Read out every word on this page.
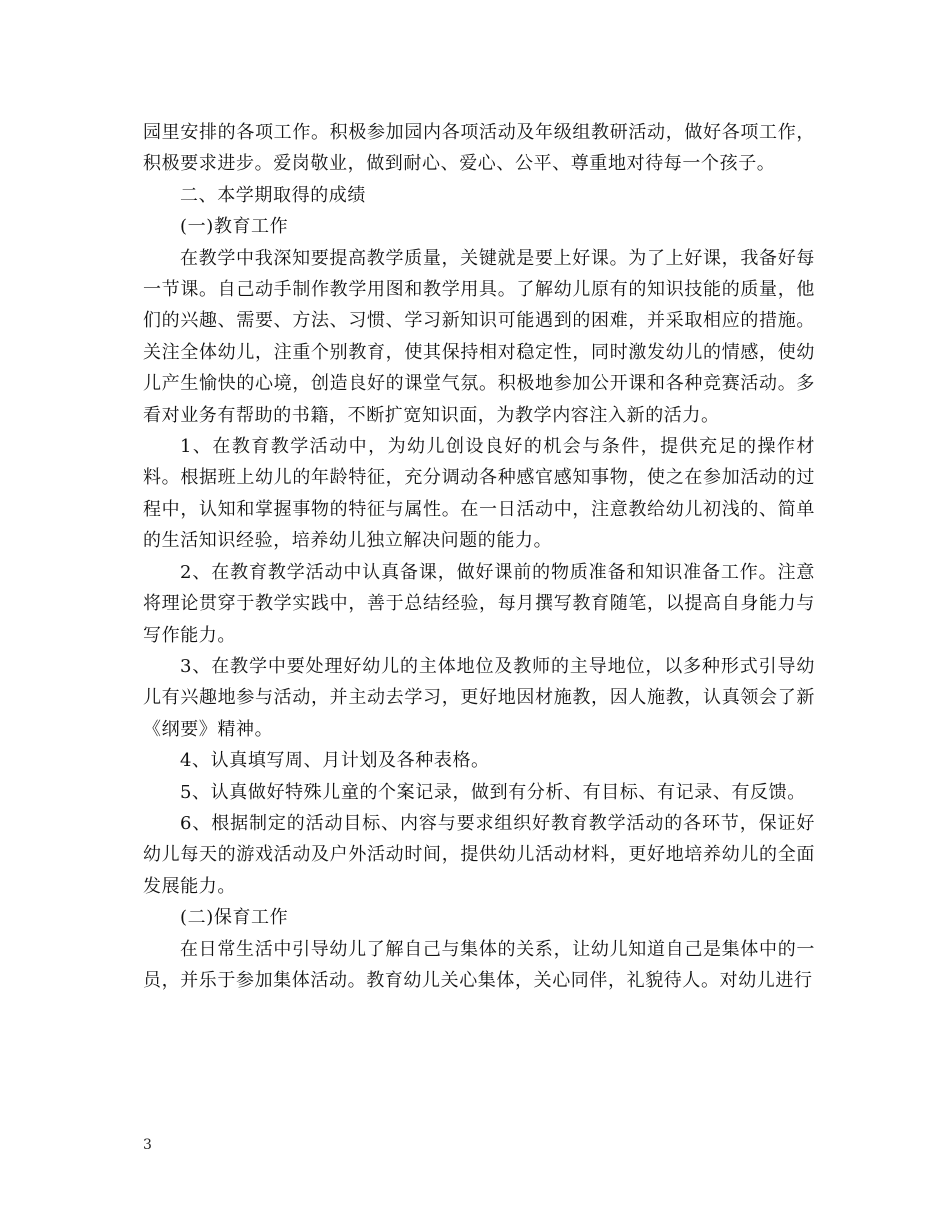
园里安排的各项工作。积极参加园内各项活动及年级组教研活动，做好各项工作，积极要求进步。爱岗敬业，做到耐心、爱心、公平、尊重地对待每一个孩子。

二、本学期取得的成绩

(一)教育工作

在教学中我深知要提高教学质量，关键就是要上好课。为了上好课，我备好每一节课。自己动手制作教学用图和教学用具。了解幼儿原有的知识技能的质量，他们的兴趣、需要、方法、习惯、学习新知识可能遇到的困难，并采取相应的措施。关注全体幼儿，注重个别教育，使其保持相对稳定性，同时激发幼儿的情感，使幼儿产生愉快的心境，创造良好的课堂气氛。积极地参加公开课和各种竞赛活动。多看对业务有帮助的书籍，不断扩宽知识面，为教学内容注入新的活力。

1、在教育教学活动中，为幼儿创设良好的机会与条件，提供充足的操作材料。根据班上幼儿的年龄特征，充分调动各种感官感知事物，使之在参加活动的过程中，认知和掌握事物的特征与属性。在一日活动中，注意教给幼儿初浅的、简单的生活知识经验，培养幼儿独立解决问题的能力。

2、在教育教学活动中认真备课，做好课前的物质准备和知识准备工作。注意将理论贯穿于教学实践中，善于总结经验，每月撰写教育随笔，以提高自身能力与写作能力。

3、在教学中要处理好幼儿的主体地位及教师的主导地位，以多种形式引导幼儿有兴趣地参与活动，并主动去学习，更好地因材施教，因人施教，认真领会了新《纲要》精神。

4、认真填写周、月计划及各种表格。

5、认真做好特殊儿童的个案记录，做到有分析、有目标、有记录、有反馈。

6、根据制定的活动目标、内容与要求组织好教育教学活动的各环节，保证好幼儿每天的游戏活动及户外活动时间，提供幼儿活动材料，更好地培养幼儿的全面发展能力。

(二)保育工作

在日常生活中引导幼儿了解自己与集体的关系，让幼儿知道自己是集体中的一员，并乐于参加集体活动。教育幼儿关心集体，关心同伴，礼貌待人。对幼儿进行

3
